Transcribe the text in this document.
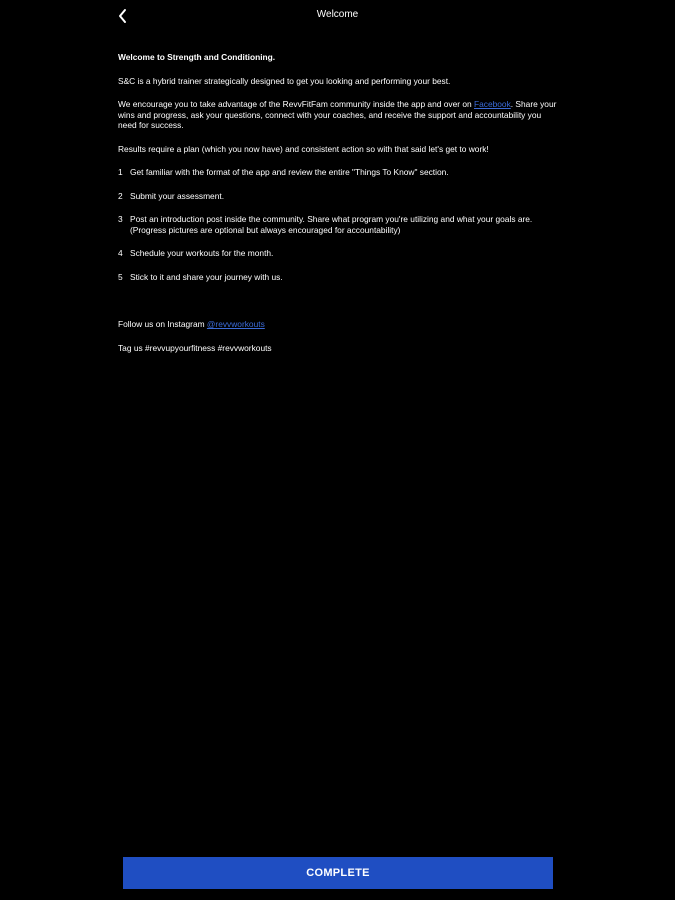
Welcome

Welcome to Strength and Conditioning.

S&C is a hybrid trainer strategically designed to get you looking and performing your best.

We encourage you to take advantage of the RevvFitFam community inside the app and over on Facebook. Share your wins and progress, ask your questions, connect with your coaches, and receive the support and accountability you need for success.

Results require a plan (which you now have) and consistent action so with that said let's get to work!

1 Get familiar with the format of the app and review the entire "Things To Know" section.
2 Submit your assessment.
3 Post an introduction post inside the community. Share what program you're utilizing and what your goals are. (Progress pictures are optional but always encouraged for accountability)
4 Schedule your workouts for the month.
5 Stick to it and share your journey with us.

Follow us on Instagram @revvworkouts

Tag us #revvupyourfitness #revvworkouts

COMPLETE
